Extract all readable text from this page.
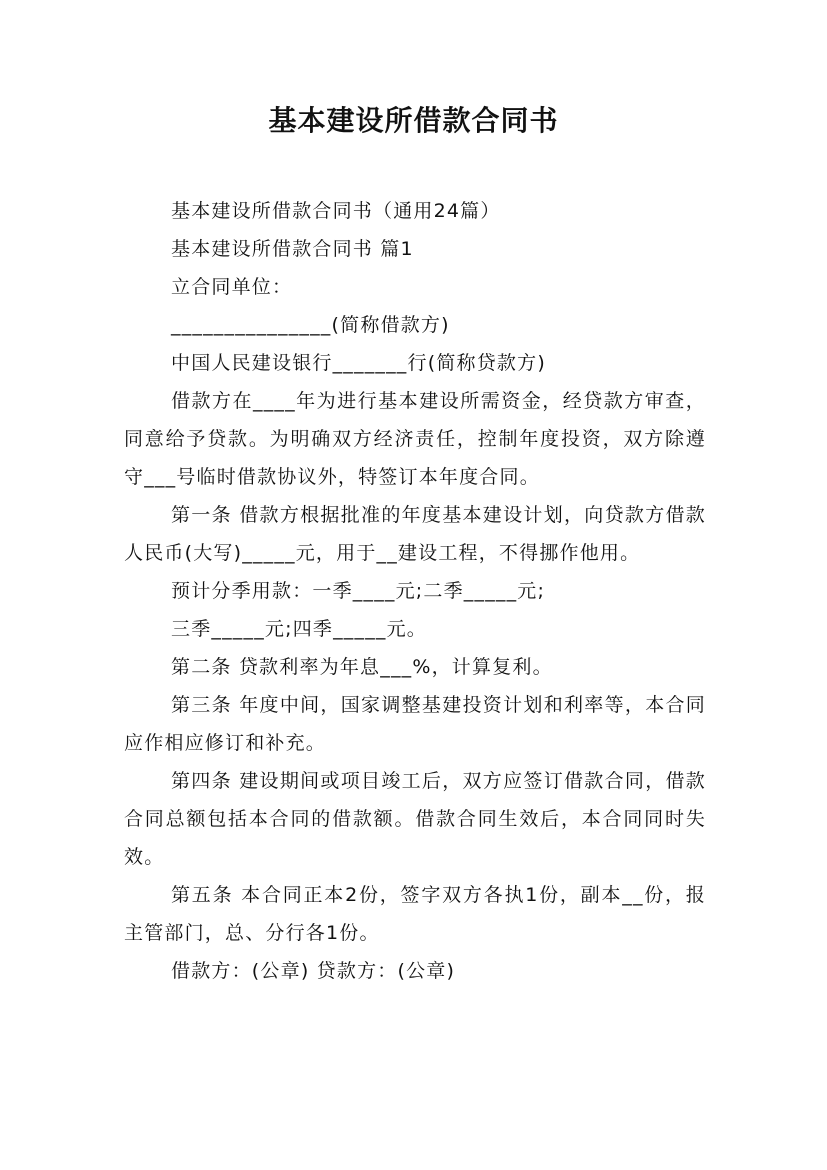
基本建设所借款合同书

基本建设所借款合同书（通用24篇）

基本建设所借款合同书 篇1

立合同单位：

_______________(简称借款方)

中国人民建设银行_______行(简称贷款方)

借款方在____年为进行基本建设所需资金，经贷款方审查，同意给予贷款。为明确双方经济责任，控制年度投资，双方除遵守___号临时借款协议外，特签订本年度合同。

第一条 借款方根据批准的年度基本建设计划，向贷款方借款人民币(大写)_____元，用于__建设工程，不得挪作他用。

预计分季用款：一季____元;二季_____元;

三季_____元;四季_____元。

第二条 贷款利率为年息___%，计算复利。

第三条 年度中间，国家调整基建投资计划和利率等，本合同应作相应修订和补充。

第四条 建设期间或项目竣工后，双方应签订借款合同，借款合同总额包括本合同的借款额。借款合同生效后，本合同同时失效。

第五条 本合同正本2份，签字双方各执1份，副本__份，报主管部门，总、分行各1份。

借款方：(公章) 贷款方：(公章)
